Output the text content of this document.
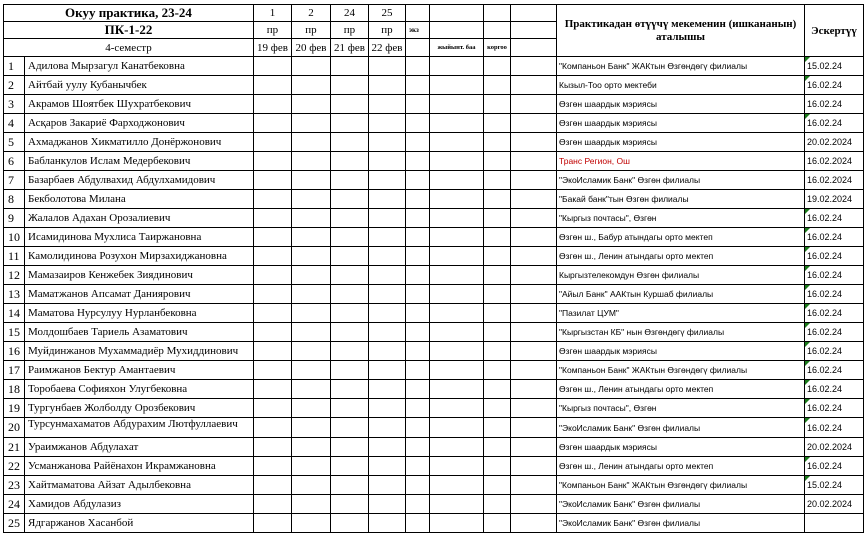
Окуу практика, 23-24		1	2	24	25					Практикадан өтүүчү мекеменин (ишкананын) аталышы	Эскертүү
ПК-1-22		пр	пр	пр	пр	экз					
4-семестр		19 фев	20 фев	21 фев	22 фев		жыйынт. баа	коргоо			
1	Адилова Мырзагул Канатбековна									"Компаньон Банк" ЖАКтын Өзгөндөгү филиалы	15.02.24
2	Айтбай уулу Кубанычбек									Кызыл-Тоо орто мектеби	16.02.24
3	Акрамов Шоятбек Шухратбекович									Өзгөн шаардык мэриясы	16.02.24
4	Асқаров Закариё Фарходжонович									Өзгөн шаардык мэриясы	16.02.24
5	Ахмаджанов Хикматилло Донёржонович									Өзгөн шаардык мэриясы	20.02.2024
6	Бабланкулов Ислам Медербекович									Транс Регион, Ош	16.02.2024
7	Базарбаев Абдулвахид Абдулхамидович									"ЭкоИсламик Банк" Өзгөн филиалы	16.02.2024
8	Бекболотова Милана									"Бакай банк"тын Өзгөн филиалы	19.02.2024
9	Жалалов Адахан Орозалиевич									"Кыргыз почтасы", Өзгөн	16.02.24
10	Исамидинова Мухлиса Таиржановна									Өзгөн ш., Бабур атындагы орто мектеп	16.02.24
11	Камолидинова Розухон Мирзахиджановна									Өзгөн ш., Ленин атындагы орто мектеп	16.02.24
12	Мамазаиров Кенжебек Зиядинович									Кыргызтелекомдун Өзгөн филиалы	16.02.24
13	Маматжанов Апсамат Даниярович									"Айыл Банк" ААКтын Куршаб филиалы	16.02.24
14	Маматова Нурсулуу Нурланбековна									"Пазилат ЦУМ"	16.02.24
15	Молдошбаев Тариель Азаматович									"Кыргызстан КБ" нын Өзгөндөгү филиалы	16.02.24
16	Муйдинжанов Мухаммадиёр Мухиддинович									Өзгөн шаардык мэриясы	16.02.24
17	Раимжанов Бектур Амантаевич									"Компаньон Банк" ЖАКтын Өзгөндөгү филиалы	16.02.24
18	Торобаева Софияхон Улугбековна									Өзгөн ш., Ленин атындагы орто мектеп	16.02.24
19	Тургунбаев Жолболду Орозбекович									"Кыргыз почтасы", Өзгөн	16.02.24
20	Турсунмахаматов Абдурахим Лютфуллаевич									"ЭкоИсламик Банк" Өзгөн филиалы	16.02.24
21	Ураимжанов Абдулахат									Өзгөн шаардык мэриясы	20.02.2024
22	Усманжанова Райёнахон Икрамжановна									Өзгөн ш., Ленин атындагы орто мектеп	16.02.24
23	Хайтмаматова Айзат Адылбековна									"Компаньон Банк" ЖАКтын Өзгөндөгү филиалы	15.02.24
24	Хамидов Абдулазиз									"ЭкоИсламик Банк" Өзгөн филиалы	20.02.2024
25	Ядгаржанов Хасанбой									"ЭкоИсламик Банк" Өзгөн филиалы	
